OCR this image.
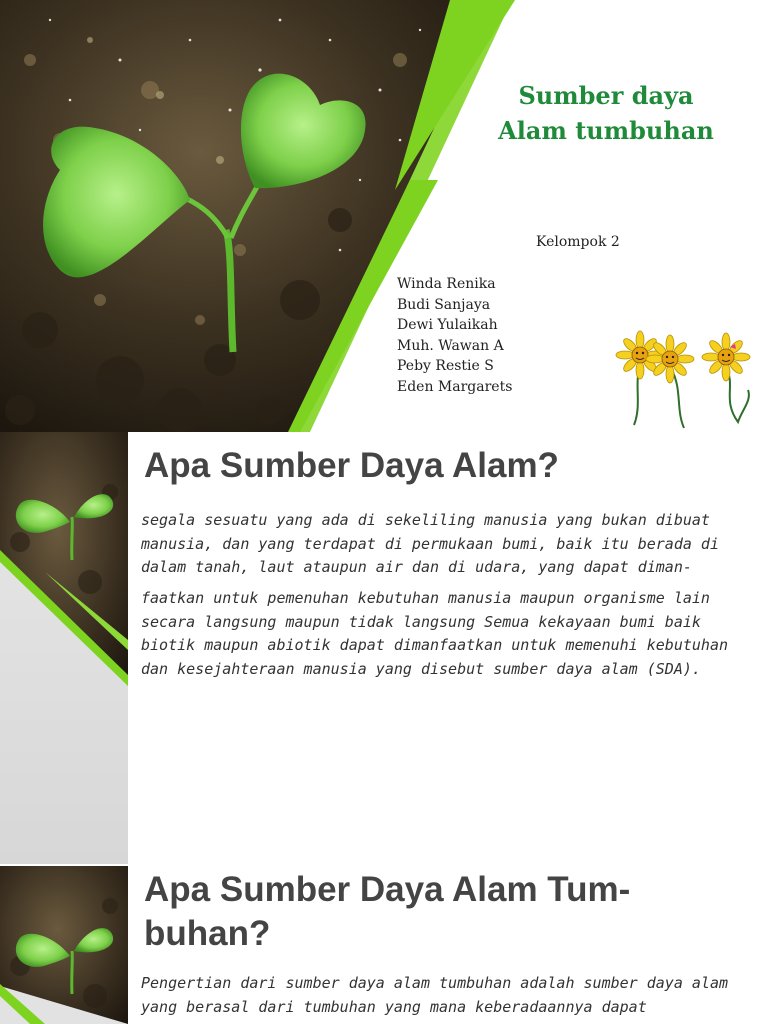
Sumber daya
Alam tumbuhan
Kelompok 2
Winda Renika
Budi Sanjaya
Dewi Yulaikah
Muh. Wawan A
Peby Restie S
Eden Margarets
Apa Sumber Daya Alam?
segala sesuatu yang ada di sekeliling manusia yang bukan dibuat manusia, dan yang terdapat di permukaan bumi, baik itu berada di dalam tanah, laut ataupun air dan di udara, yang dapat diman-
faatkan untuk pemenuhan kebutuhan manusia maupun organisme lain secara langsung maupun tidak langsung Semua kekayaan bumi baik biotik maupun abiotik dapat dimanfaatkan untuk memenuhi kebutuhan dan kesejahteraan manusia yang disebut sumber daya alam (SDA).
Apa Sumber Daya Alam Tum-buhan?
Pengertian dari sumber daya alam tumbuhan adalah sumber daya alam yang berasal dari tumbuhan yang mana keberadaannya dapat
